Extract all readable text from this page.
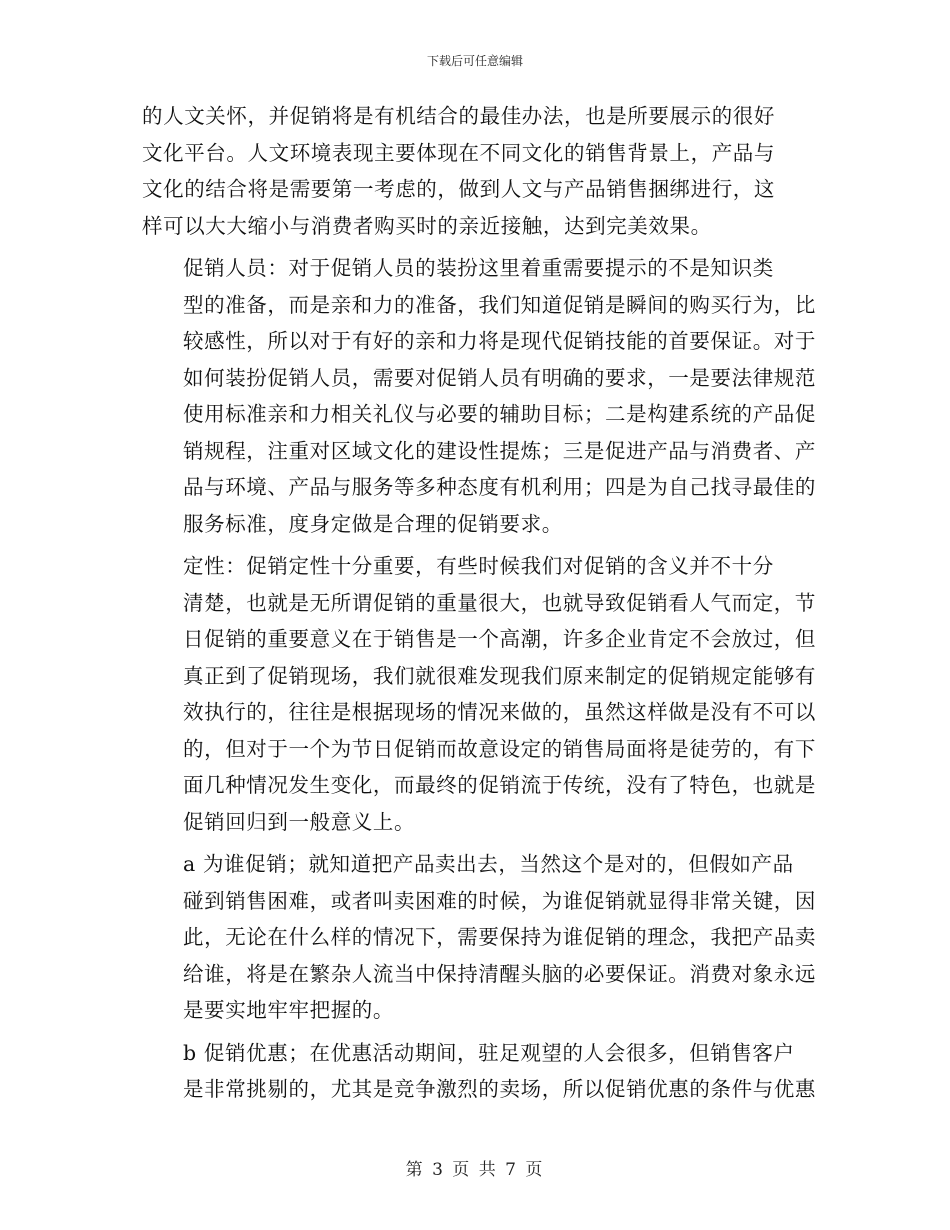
下载后可任意编辑
的人文关怀，并促销将是有机结合的最佳办法，也是所要展示的很好
文化平台。人文环境表现主要体现在不同文化的销售背景上，产品与
文化的结合将是需要第一考虑的，做到人文与产品销售捆绑进行，这
样可以大大缩小与消费者购买时的亲近接触，达到完美效果。
促销人员：对于促销人员的装扮这里着重需要提示的不是知识类
型的准备，而是亲和力的准备，我们知道促销是瞬间的购买行为，比
较感性，所以对于有好的亲和力将是现代促销技能的首要保证。对于
如何装扮促销人员，需要对促销人员有明确的要求，一是要法律规范
使用标准亲和力相关礼仪与必要的辅助目标；二是构建系统的产品促
销规程，注重对区域文化的建设性提炼；三是促进产品与消费者、产
品与环境、产品与服务等多种态度有机利用；四是为自己找寻最佳的
服务标准，度身定做是合理的促销要求。
定性：促销定性十分重要，有些时候我们对促销的含义并不十分
清楚，也就是无所谓促销的重量很大，也就导致促销看人气而定，节
日促销的重要意义在于销售是一个高潮，许多企业肯定不会放过，但
真正到了促销现场，我们就很难发现我们原来制定的促销规定能够有
效执行的，往往是根据现场的情况来做的，虽然这样做是没有不可以
的，但对于一个为节日促销而故意设定的销售局面将是徒劳的，有下
面几种情况发生变化，而最终的促销流于传统，没有了特色，也就是
促销回归到一般意义上。
a 为谁促销；就知道把产品卖出去，当然这个是对的，但假如产品
碰到销售困难，或者叫卖困难的时候，为谁促销就显得非常关键，因
此，无论在什么样的情况下，需要保持为谁促销的理念，我把产品卖
给谁，将是在繁杂人流当中保持清醒头脑的必要保证。消费对象永远
是要实地牢牢把握的。
b 促销优惠；在优惠活动期间，驻足观望的人会很多，但销售客户
是非常挑剔的，尤其是竞争激烈的卖场，所以促销优惠的条件与优惠
第 3 页 共 7 页
